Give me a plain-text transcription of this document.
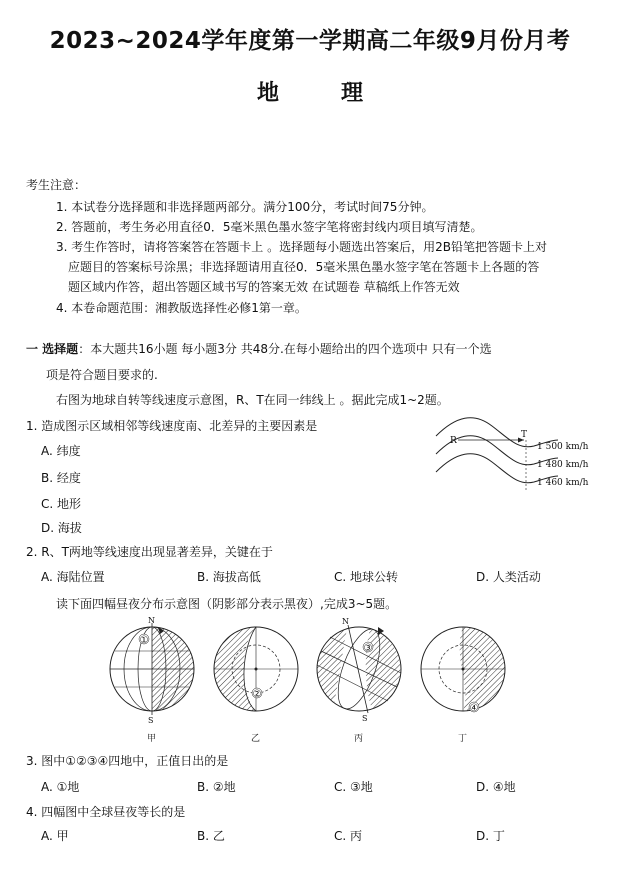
2023~2024学年度第一学期高二年级9月份月考
地	理
考生注意：
1. 本试卷分选择题和非选择题两部分。满分100分，考试时间75分钟。
2. 答题前，考生务必用直径0．5毫米黑色墨水签字笔将密封线内项目填写清楚。
3. 考生作答时，请将答案答在答题卡上 。选择题每小题选出答案后，用2B铅笔把答题卡上对
应题目的答案标号涂黑；非选择题请用直径0．5毫米黑色墨水签字笔在答题卡上各题的答
题区域内作答，超出答题区域书写的答案无效 在试题卷 草稿纸上作答无效
4. 本卷命题范围：湘教版选择性必修1第一章。
一 选择题：本大题共16小题 每小题3分 共48分.在每小题给出的四个选项中 只有一个选
项是符合题目要求的.
右图为地球自转等线速度示意图，R、T在同一纬线上 。据此完成1~2题。
1. 造成图示区域相邻等线速度南、北差异的主要因素是
A. 纬度
B. 经度
C. 地形
D. 海拔
R
T
1 500 km/h
1 480 km/h
1 460 km/h
2. R、T两地等线速度出现显著差异，关键在于
A. 海陆位置	B. 海拔高低	C. 地球公转	D. 人类活动
读下面四幅昼夜分布示意图（阴影部分表示黑夜）,完成3~5题。
①
N
S
甲
②
乙
③
N
S
丙
④
丁
3. 图中①②③④四地中，正值日出的是
A. ①地	B. ②地	C. ③地	D. ④地
4. 四幅图中全球昼夜等长的是
A. 甲	B. 乙	C. 丙	D. 丁
